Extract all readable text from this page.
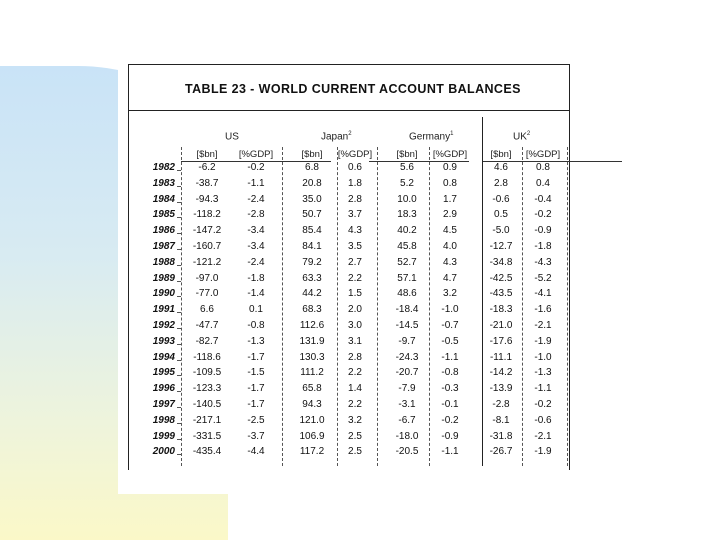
TABLE 23 - WORLD CURRENT ACCOUNT BALANCES
US	Japan$^2$	Germany$^1$	$UK^2$
[$bn] [%GDP]	[$bn] [%GDP]	[$bn] [%GDP] [$bn] [%GDP]
1982 -6.2	-0.2	6.8	0.6	5.6	0.9	4.6	0.8
1983 -38.7	-1.1	20.8	1.8	5.2	0.8	2.8	0.4
1984 -94.3	-2.4	35.0	2.8	10.0	1.7	-0.6 -0.4
1985 -118.2	-2.8	50.7	3.7	18.3	2.9	0.5	-0.2
1986 -147.2	-3.4	85.4	4.3	40.2	4.5	-5.0 -0.9
1987 -160.7	-3.4	84.1	3.5	45.8	4.0	-12.7 -1.8
1988 -121.2	-2.4	79.2	2.7	52.7	4.3	-34.8 -4.3
1989 -97.0	-1.8	63.3	2.2	57.1	4.7	-42.5 -5.2
1990 -77.0	-1.4	44.2	1.5	48.6	3.2	-43.5 -4.1
1991	6.6	0.1	68.3	2.0	-18.4 -1.0	-18.3 -1.6
1992 -47.7	-0.8	112.6 3.0	-14.5 -0.7	-21.0 -2.1
1993 -82.7	-1.3	131.9 3.1	-9.7	-0.5	-17.6 -1.9
1994 -118.6	-1.7	130.3 2.8	-24.3 -1.1	-11.1 -1.0
1995 -109.5	-1.5	111.2 2.2	-20.7 -0.8	-14.2 -1.3
1996 -123.3	-1.7	65.8	1.4	-7.9	-0.3	-13.9 -1.1
1997 -140.5	-1.7	94.3	2.2	-3.1	-0.1	-2.8 -0.2
1998 -217.1	-2.5	121.0 3.2	-6.7	-0.2	-8.1 -0.6
1999 -331.5	-3.7	106.9 2.5	-18.0 -0.9	-31.8 -2.1
2000 -435.4	-4.4	117.2 2.5	-20.5 -1.1	-26.7 -1.9
